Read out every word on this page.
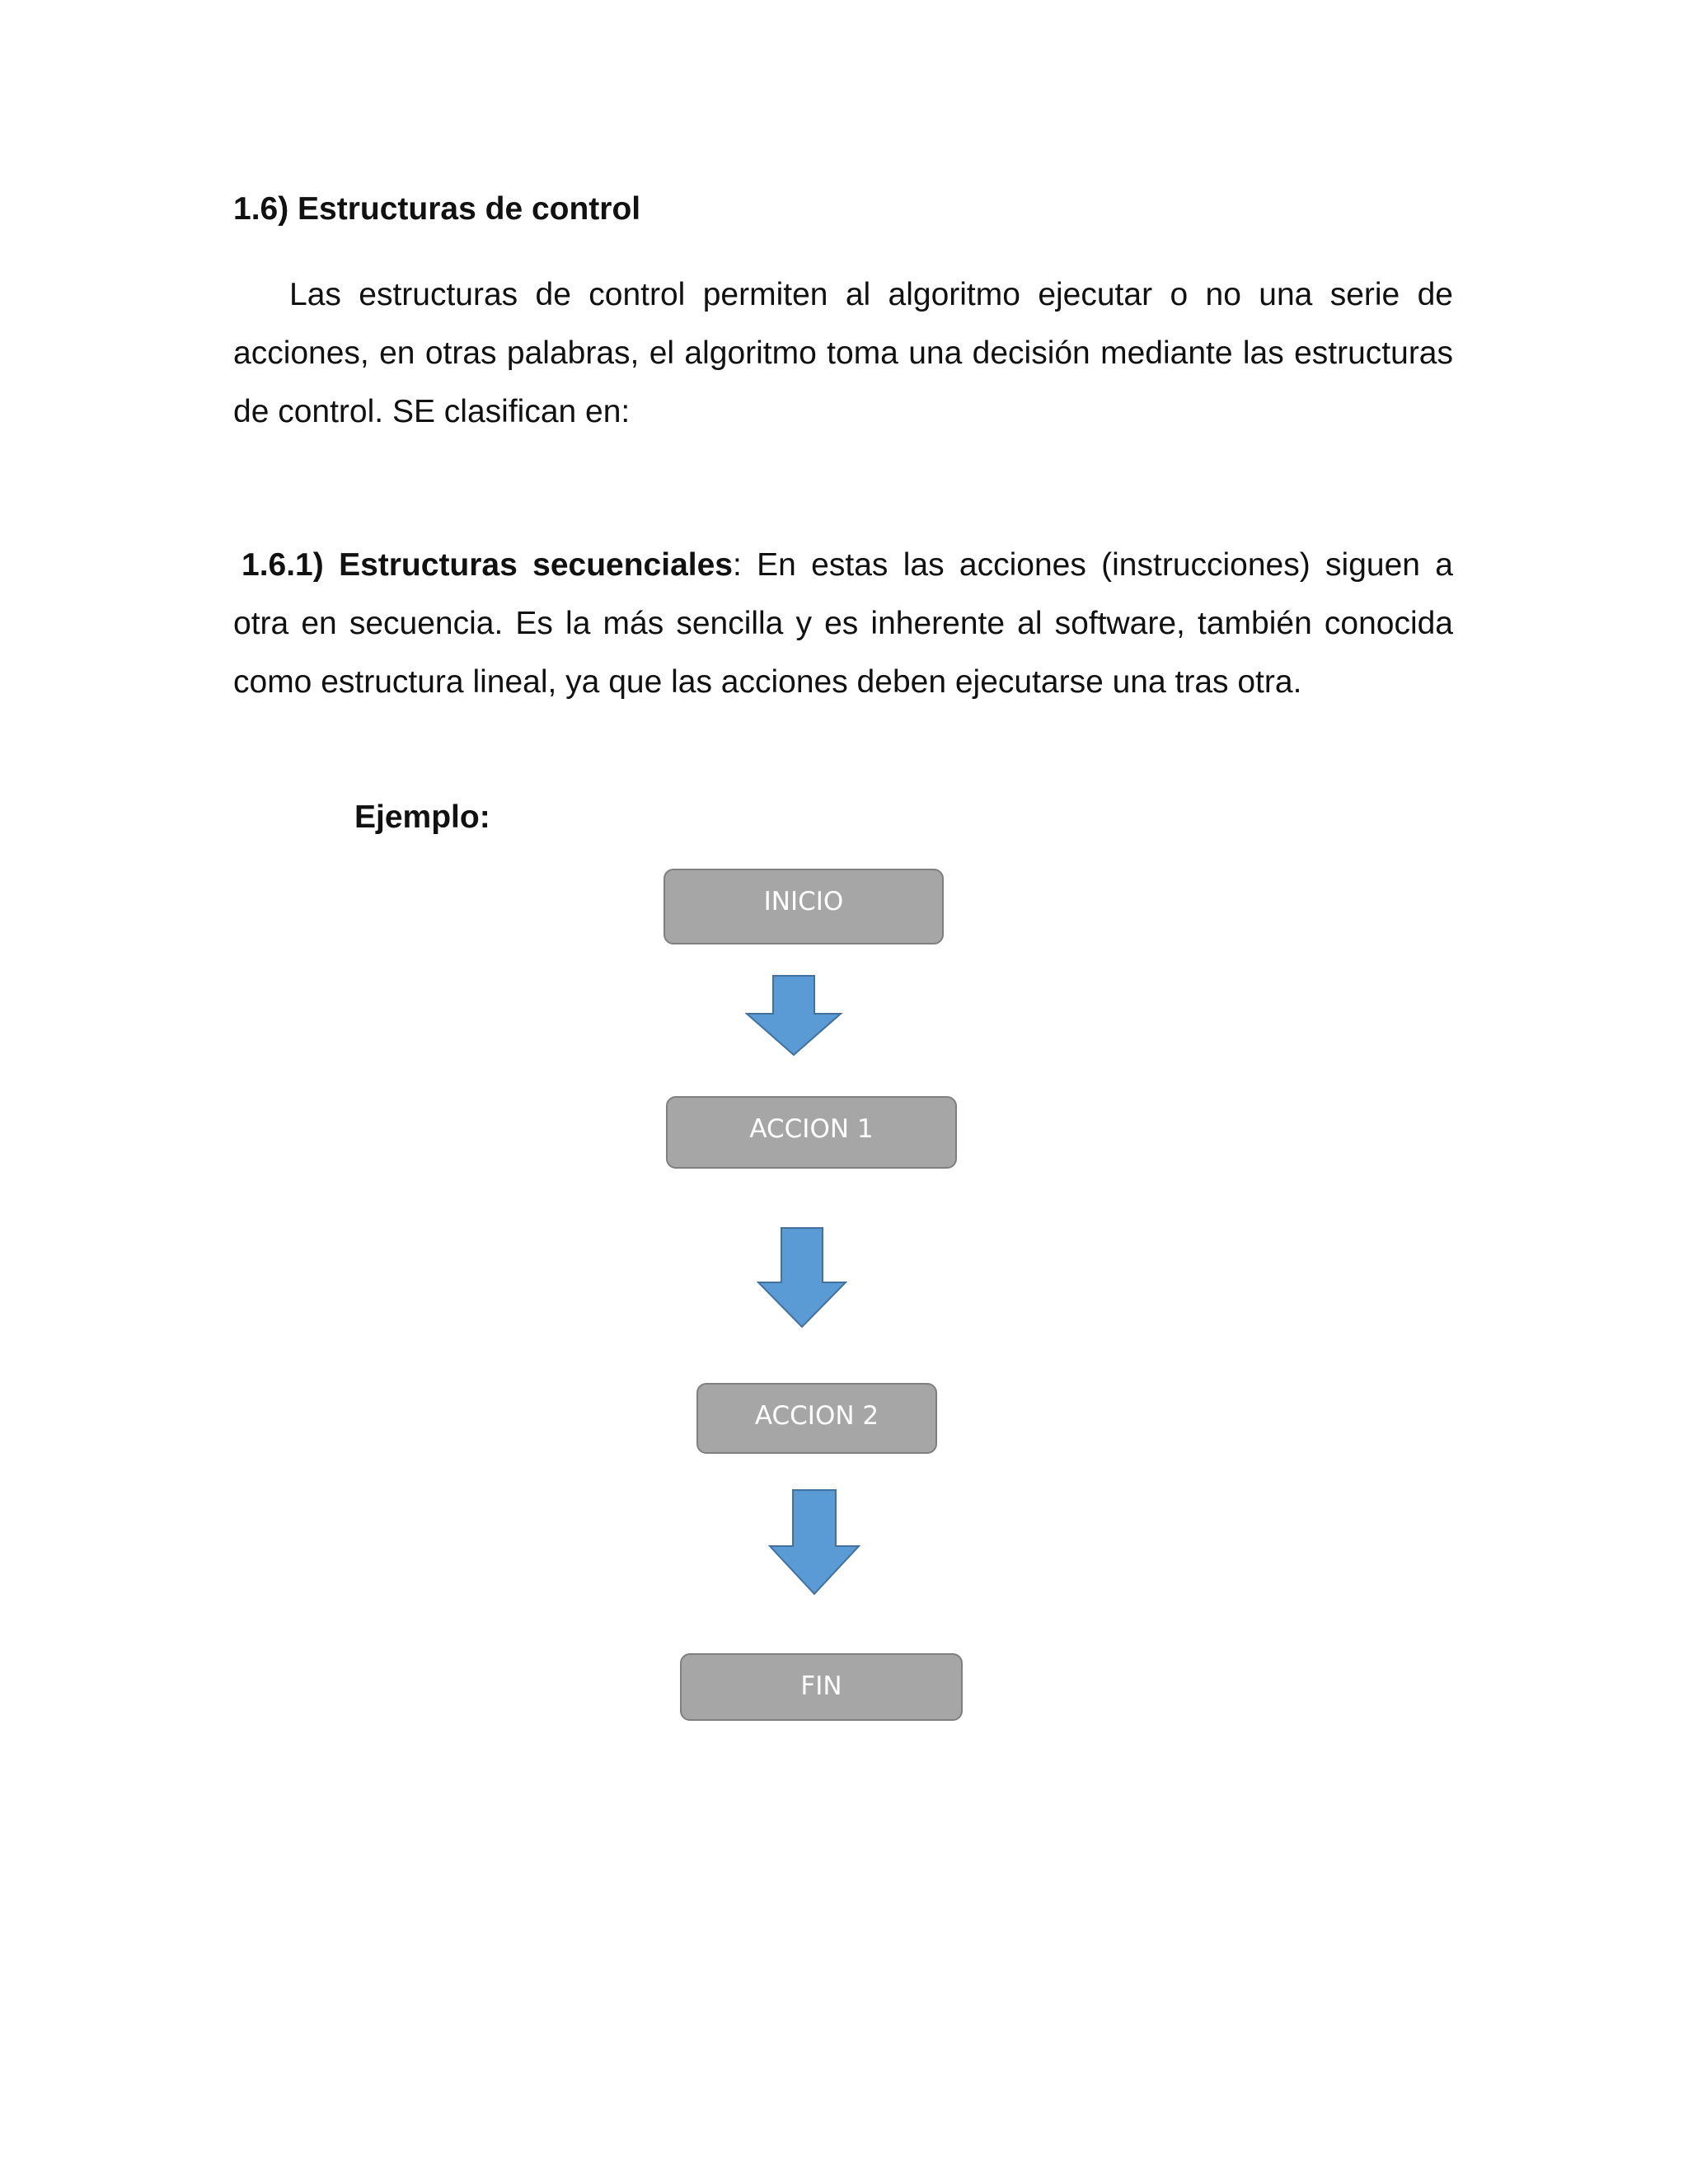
1.6) Estructuras de control
Las estructuras de control permiten al algoritmo ejecutar o no una serie de
acciones, en otras palabras, el algoritmo toma una decisión mediante las estructuras
de control. SE clasifican en:
1.6.1) Estructuras secuenciales: En estas las acciones (instrucciones) siguen a
otra en secuencia. Es la más sencilla y es inherente al software, también conocida
como estructura lineal, ya que las acciones deben ejecutarse una tras otra.

Ejemplo:

INICIO
ACCION 1
ACCION 2
FIN
